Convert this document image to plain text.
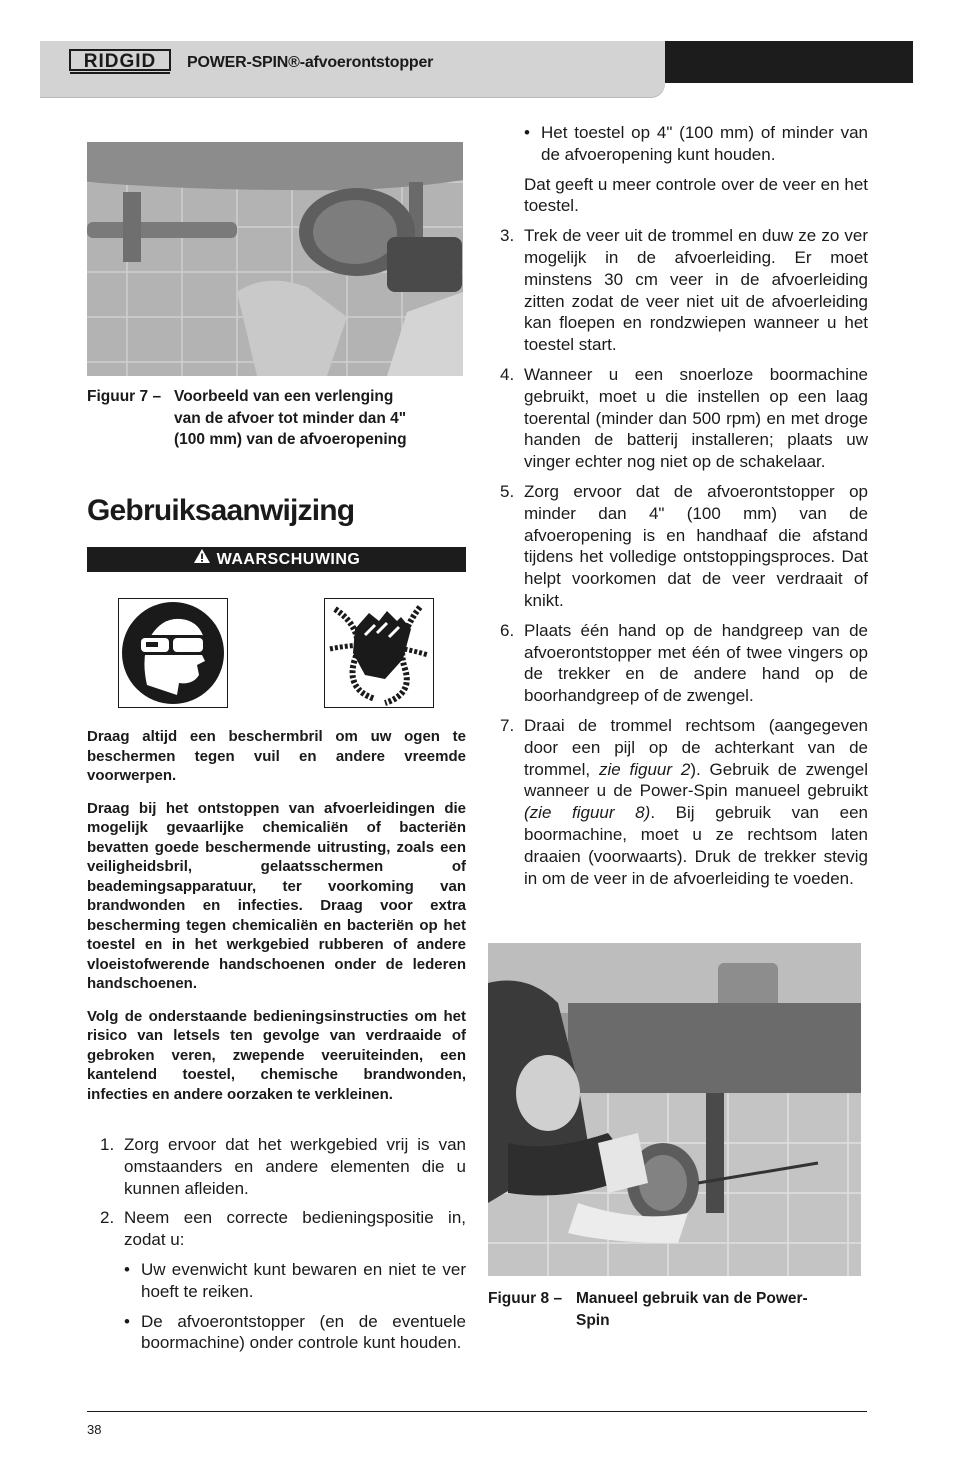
RIDGID POWER-SPIN®-afvoerontstopper
Figuur 7 – Voorbeeld van een verlenging
van de afvoer tot minder dan 4"
(100 mm) van de afvoeropening
Gebruiksaanwijzing
WAARSCHUWING

Draag altijd een beschermbril om uw ogen te beschermen tegen vuil en andere vreemde voorwerpen.

Draag bij het ontstoppen van afvoerleidingen die mogelijk gevaarlijke chemicaliën of bacteriën bevatten goede beschermende uitrusting, zoals een veiligheidsbril, gelaatsschermen of beademingsapparatuur, ter voorkoming van brandwonden en infecties. Draag voor extra bescherming tegen chemicaliën en bacteriën op het toestel en in het werkgebied rubberen of andere vloeistofwerende handschoenen onder de lederen handschoenen.

Volg de onderstaande bedieningsinstructies om het risico van letsels ten gevolge van verdraaide of gebroken veren, zwepende veeruiteinden, een kantelend toestel, chemische brandwonden, infecties en andere oorzaken te verkleinen.

1. Zorg ervoor dat het werkgebied vrij is van omstaanders en andere elementen die u kunnen afleiden.
2. Neem een correcte bedieningspositie in, zodat u:
• Uw evenwicht kunt bewaren en niet te ver hoeft te reiken.
• De afvoerontstopper (en de eventuele boormachine) onder controle kunt houden.
• Het toestel op 4" (100 mm) of minder van de afvoeropening kunt houden.
Dat geeft u meer controle over de veer en het toestel.
3. Trek de veer uit de trommel en duw ze zo ver mogelijk in de afvoerleiding. Er moet minstens 30 cm veer in de afvoerleiding zitten zodat de veer niet uit de afvoerleiding kan floepen en rondzwiepen wanneer u het toestel start.
4. Wanneer u een snoerloze boormachine gebruikt, moet u die instellen op een laag toerental (minder dan 500 rpm) en met droge handen de batterij installeren; plaats uw vinger echter nog niet op de schakelaar.
5. Zorg ervoor dat de afvoerontstopper op minder dan 4" (100 mm) van de afvoeropening is en handhaaf die afstand tijdens het volledige ontstoppingsproces. Dat helpt voorkomen dat de veer verdraait of knikt.
6. Plaats één hand op de handgreep van de afvoerontstopper met één of twee vingers op de trekker en de andere hand op de boorhandgreep of de zwengel.
7. Draai de trommel rechtsom (aangegeven door een pijl op de achterkant van de trommel, zie figuur 2). Gebruik de zwengel wanneer u de Power-Spin manueel gebruikt (zie figuur 8). Bij gebruik van een boormachine, moet u ze rechtsom laten draaien (voorwaarts). Druk de trekker stevig in om de veer in de afvoerleiding te voeden.
Figuur 8 – Manueel gebruik van de Power-
Spin
38
